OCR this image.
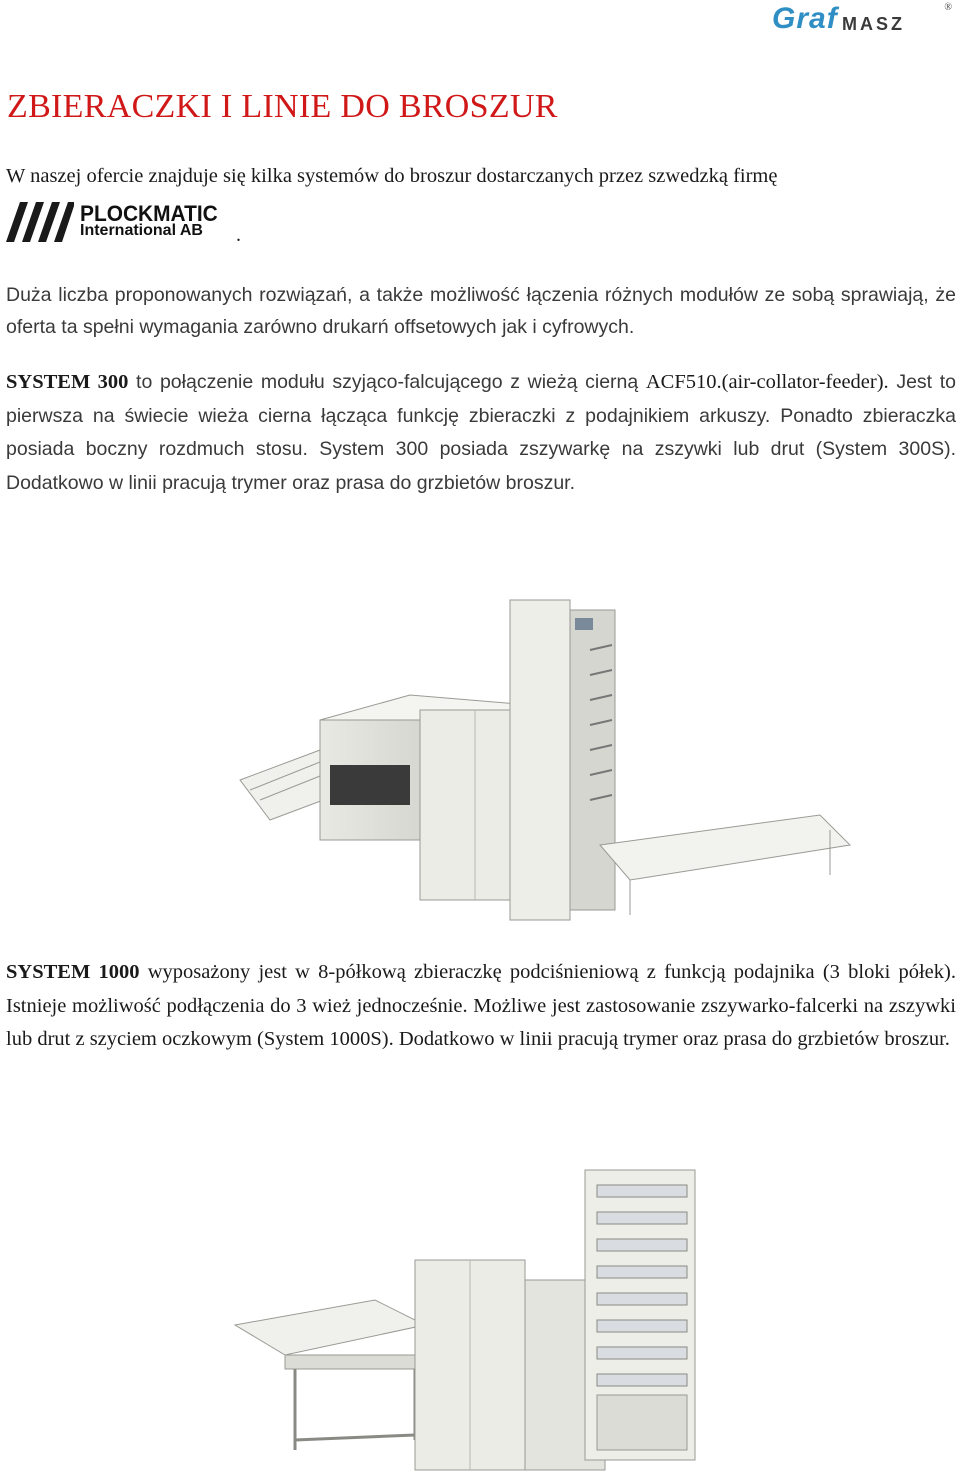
Graf MASZ
®
ZBIERACZKI I LINIE DO BROSZUR

W naszej ofercie znajduje się kilka systemów do broszur dostarczanych przez szwedzką firmę

PLOCKMATIC
International AB .

Duża liczba proponowanych rozwiązań, a także możliwość łączenia różnych modułów ze sobą sprawiają, że oferta ta spełni wymagania zarówno drukarń offsetowych jak i cyfrowych.

SYSTEM 300 to połączenie modułu szyjąco-falcującego z wieżą cierną ACF510.(air-collator-feeder). Jest to pierwsza na świecie wieża cierna łącząca funkcję zbieraczki z podajnikiem arkuszy. Ponadto zbieraczka posiada boczny rozdmuch stosu. System 300 posiada zszywarkę na zszywki lub drut (System 300S). Dodatkowo w linii pracują trymer oraz prasa do grzbietów broszur.

SYSTEM 1000 wyposażony jest w 8-półkową zbieraczkę podciśnieniową z funkcją podajnika (3 bloki półek). Istnieje możliwość podłączenia do 3 wież jednocześnie. Możliwe jest zastosowanie zszywarko-falcerki na zszywki lub drut z szyciem oczkowym (System 1000S). Dodatkowo w linii pracują trymer oraz prasa do grzbietów broszur.
